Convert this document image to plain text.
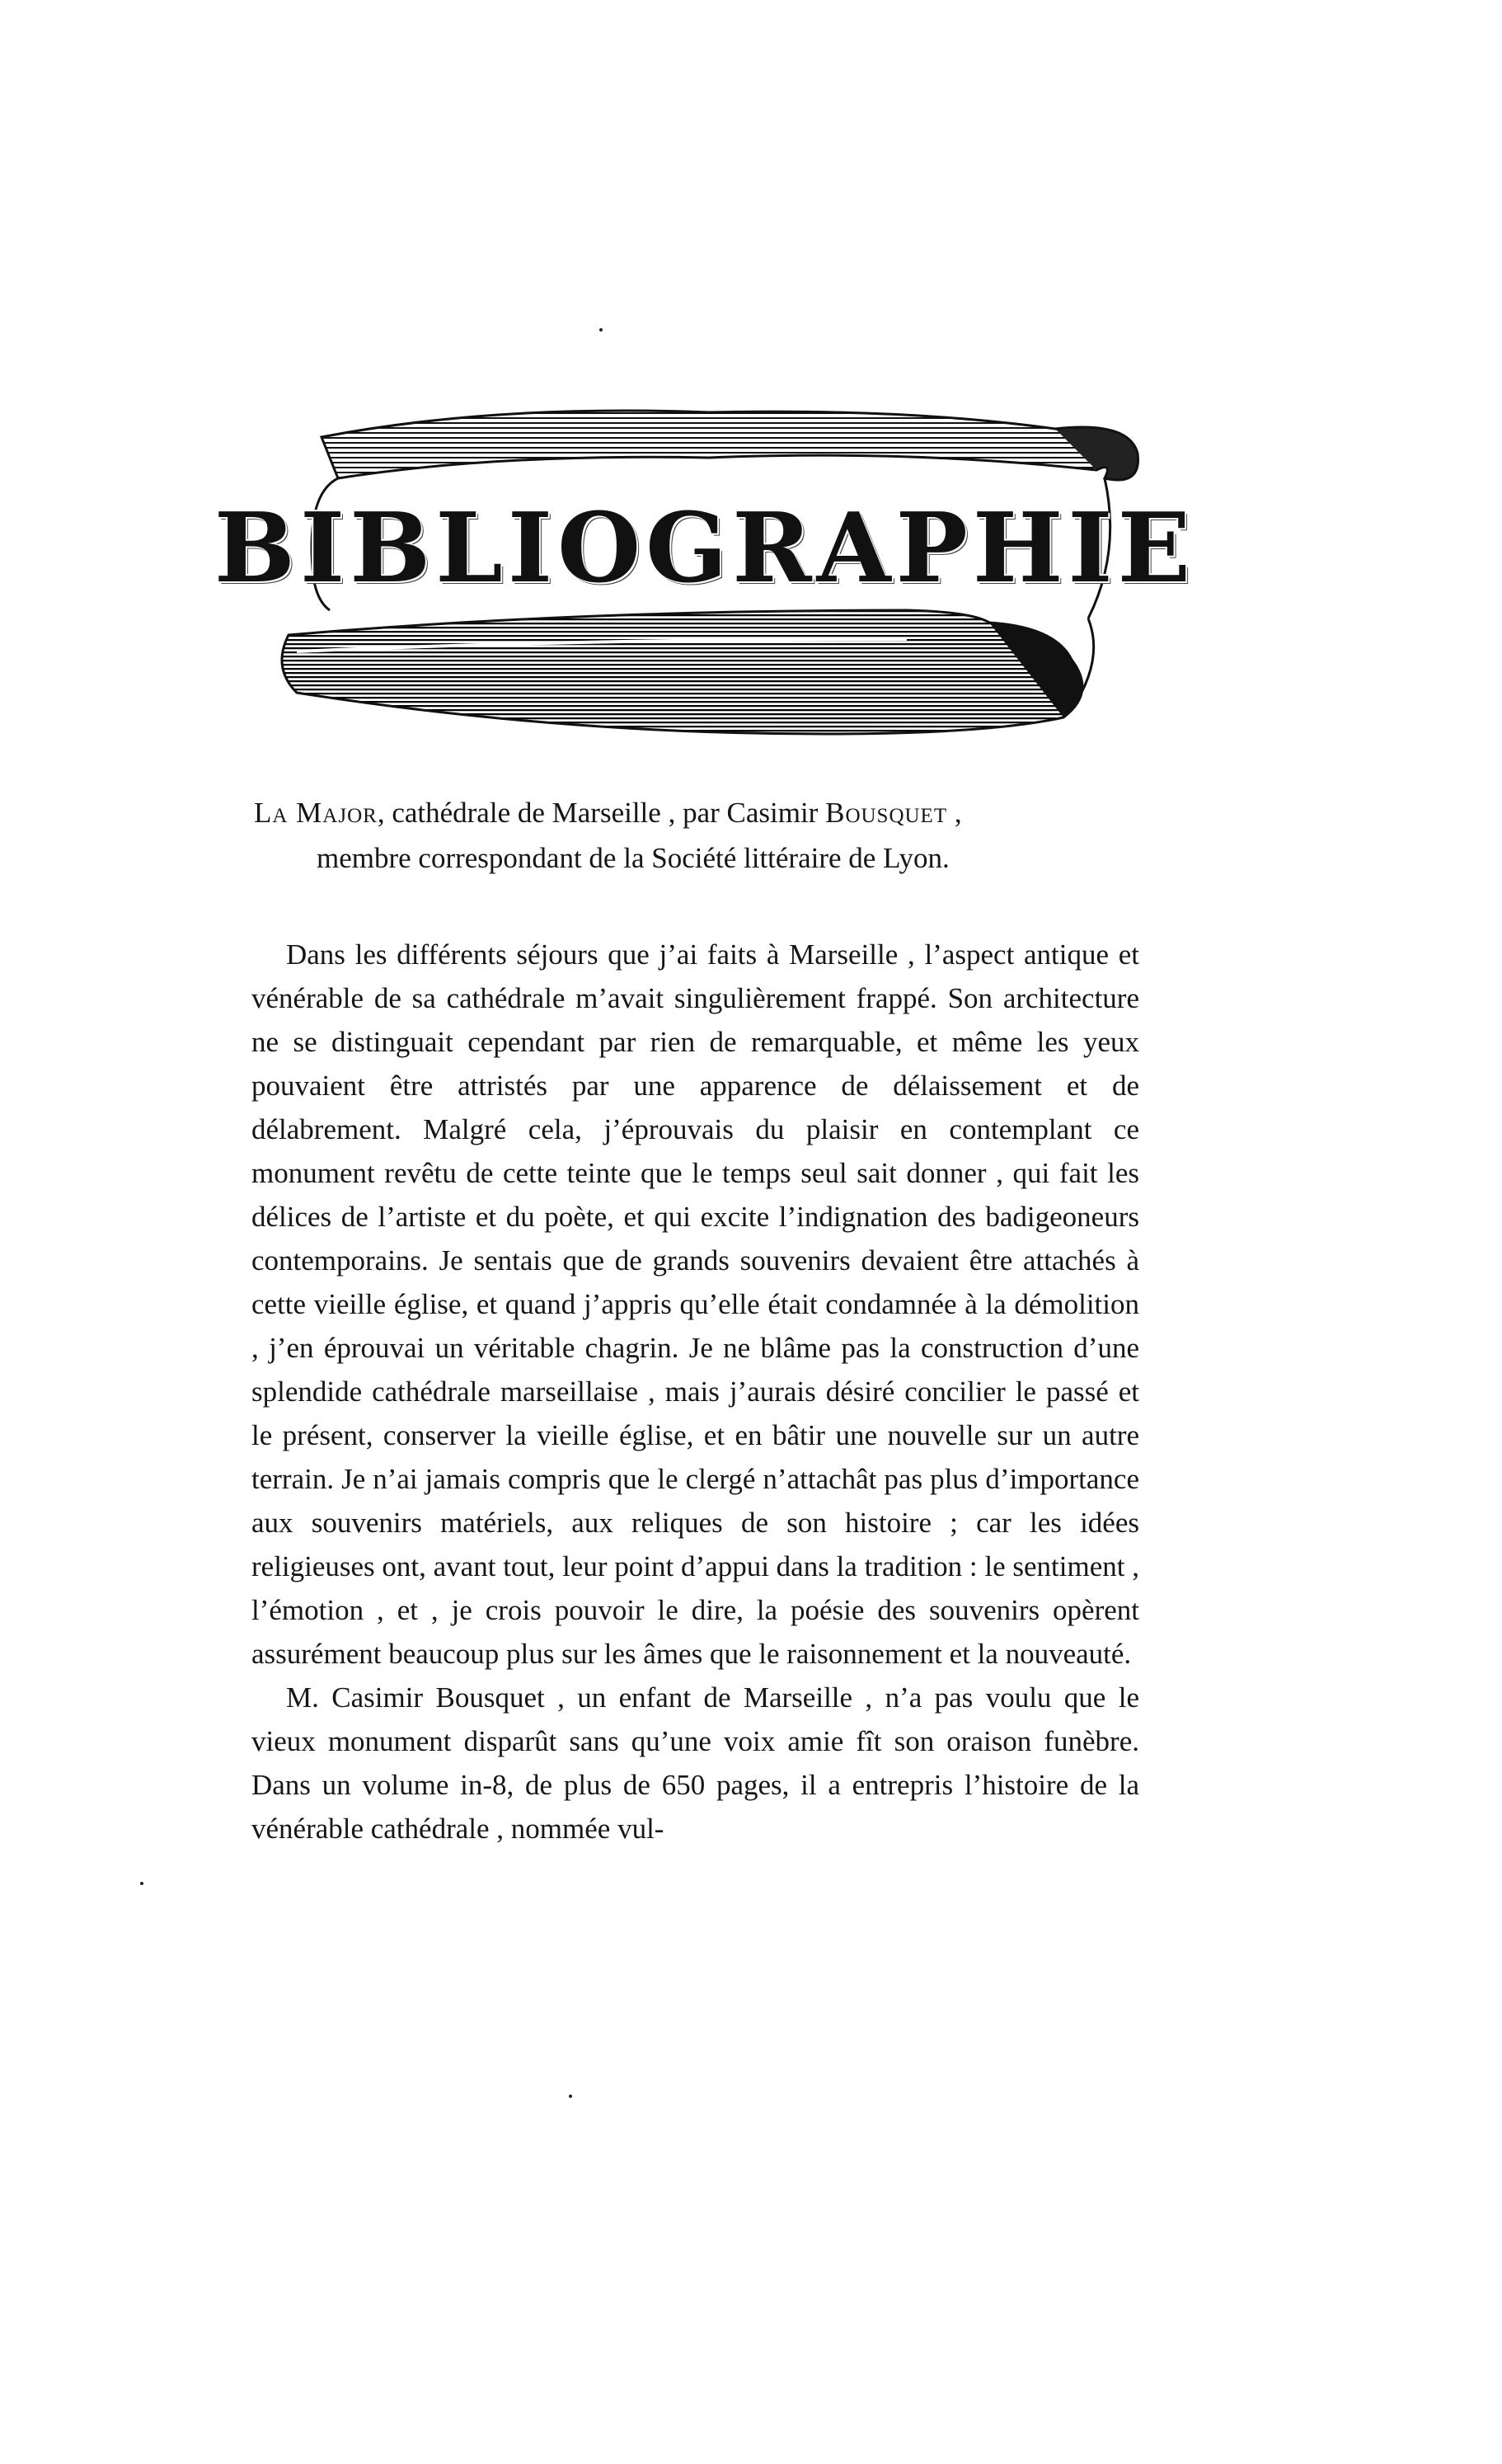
BIBLIOGRAPHIE
La Major, cathédrale de Marseille , par Casimir Bousquet ,
membre correspondant de la Société littéraire de Lyon.

Dans les différents séjours que j’ai faits à Marseille , l’aspect antique et vénérable de sa cathédrale m’avait singulièrement frappé. Son architecture ne se distinguait cependant par rien de remarquable, et même les yeux pouvaient être attristés par une apparence de délaissement et de délabrement. Malgré cela, j’éprouvais du plaisir en contemplant ce monument revêtu de cette teinte que le temps seul sait donner , qui fait les délices de l’artiste et du poète, et qui excite l’indignation des badigeoneurs contemporains. Je sentais que de grands souvenirs devaient être attachés à cette vieille église, et quand j’appris qu’elle était condamnée à la démolition , j’en éprouvai un véritable chagrin. Je ne blâme pas la construction d’une splendide cathédrale marseillaise , mais j’aurais désiré concilier le passé et le présent, conserver la vieille église, et en bâtir une nouvelle sur un autre terrain. Je n’ai jamais compris que le clergé n’attachât pas plus d’importance aux souvenirs matériels, aux reliques de son histoire ; car les idées religieuses ont, avant tout, leur point d’appui dans la tradition : le sentiment , l’émotion , et , je crois pouvoir le dire, la poésie des souvenirs opèrent assurément beaucoup plus sur les âmes que le raisonnement et la nouveauté.

M. Casimir Bousquet , un enfant de Marseille , n’a pas voulu que le vieux monument disparût sans qu’une voix amie fît son oraison funèbre. Dans un volume in-8, de plus de 650 pages, il a entrepris l’histoire de la vénérable cathédrale , nommée vul-
